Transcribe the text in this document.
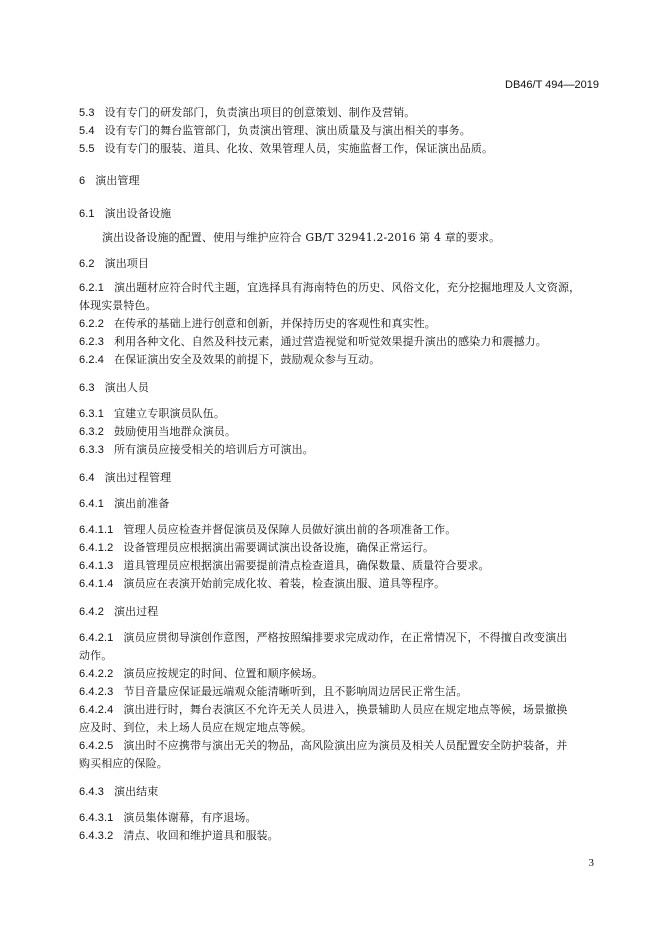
DB46/T 494—2019
5.3 设有专门的研发部门，负责演出项目的创意策划、制作及营销。
5.4 设有专门的舞台监管部门，负责演出管理、演出质量及与演出相关的事务。
5.5 设有专门的服装、道具、化妆、效果管理人员，实施监督工作，保证演出品质。
6 演出管理
6.1 演出设备设施
演出设备设施的配置、使用与维护应符合 GB/T 32941.2-2016 第 4 章的要求。
6.2 演出项目
6.2.1 演出题材应符合时代主题，宜选择具有海南特色的历史、风俗文化，充分挖掘地理及人文资源，
体现实景特色。
6.2.2 在传承的基础上进行创意和创新，并保持历史的客观性和真实性。
6.2.3 利用各种文化、自然及科技元素，通过营造视觉和听觉效果提升演出的感染力和震撼力。
6.2.4 在保证演出安全及效果的前提下，鼓励观众参与互动。
6.3 演出人员
6.3.1 宜建立专职演员队伍。
6.3.2 鼓励使用当地群众演员。
6.3.3 所有演员应接受相关的培训后方可演出。
6.4 演出过程管理
6.4.1 演出前准备
6.4.1.1 管理人员应检查并督促演员及保障人员做好演出前的各项准备工作。
6.4.1.2 设备管理员应根据演出需要调试演出设备设施，确保正常运行。
6.4.1.3 道具管理员应根据演出需要提前清点检查道具，确保数量、质量符合要求。
6.4.1.4 演员应在表演开始前完成化妆、着装，检查演出服、道具等程序。
6.4.2 演出过程
6.4.2.1 演员应贯彻导演创作意图，严格按照编排要求完成动作，在正常情况下，不得擅自改变演出
动作。
6.4.2.2 演员应按规定的时间、位置和顺序候场。
6.4.2.3 节目音量应保证最远端观众能清晰听到，且不影响周边居民正常生活。
6.4.2.4 演出进行时，舞台表演区不允许无关人员进入，换景辅助人员应在规定地点等候，场景撤换
应及时、到位，未上场人员应在规定地点等候。
6.4.2.5 演出时不应携带与演出无关的物品，高风险演出应为演员及相关人员配置安全防护装备，并
购买相应的保险。
6.4.3 演出结束
6.4.3.1 演员集体谢幕，有序退场。
6.4.3.2 清点、收回和维护道具和服装。
3
